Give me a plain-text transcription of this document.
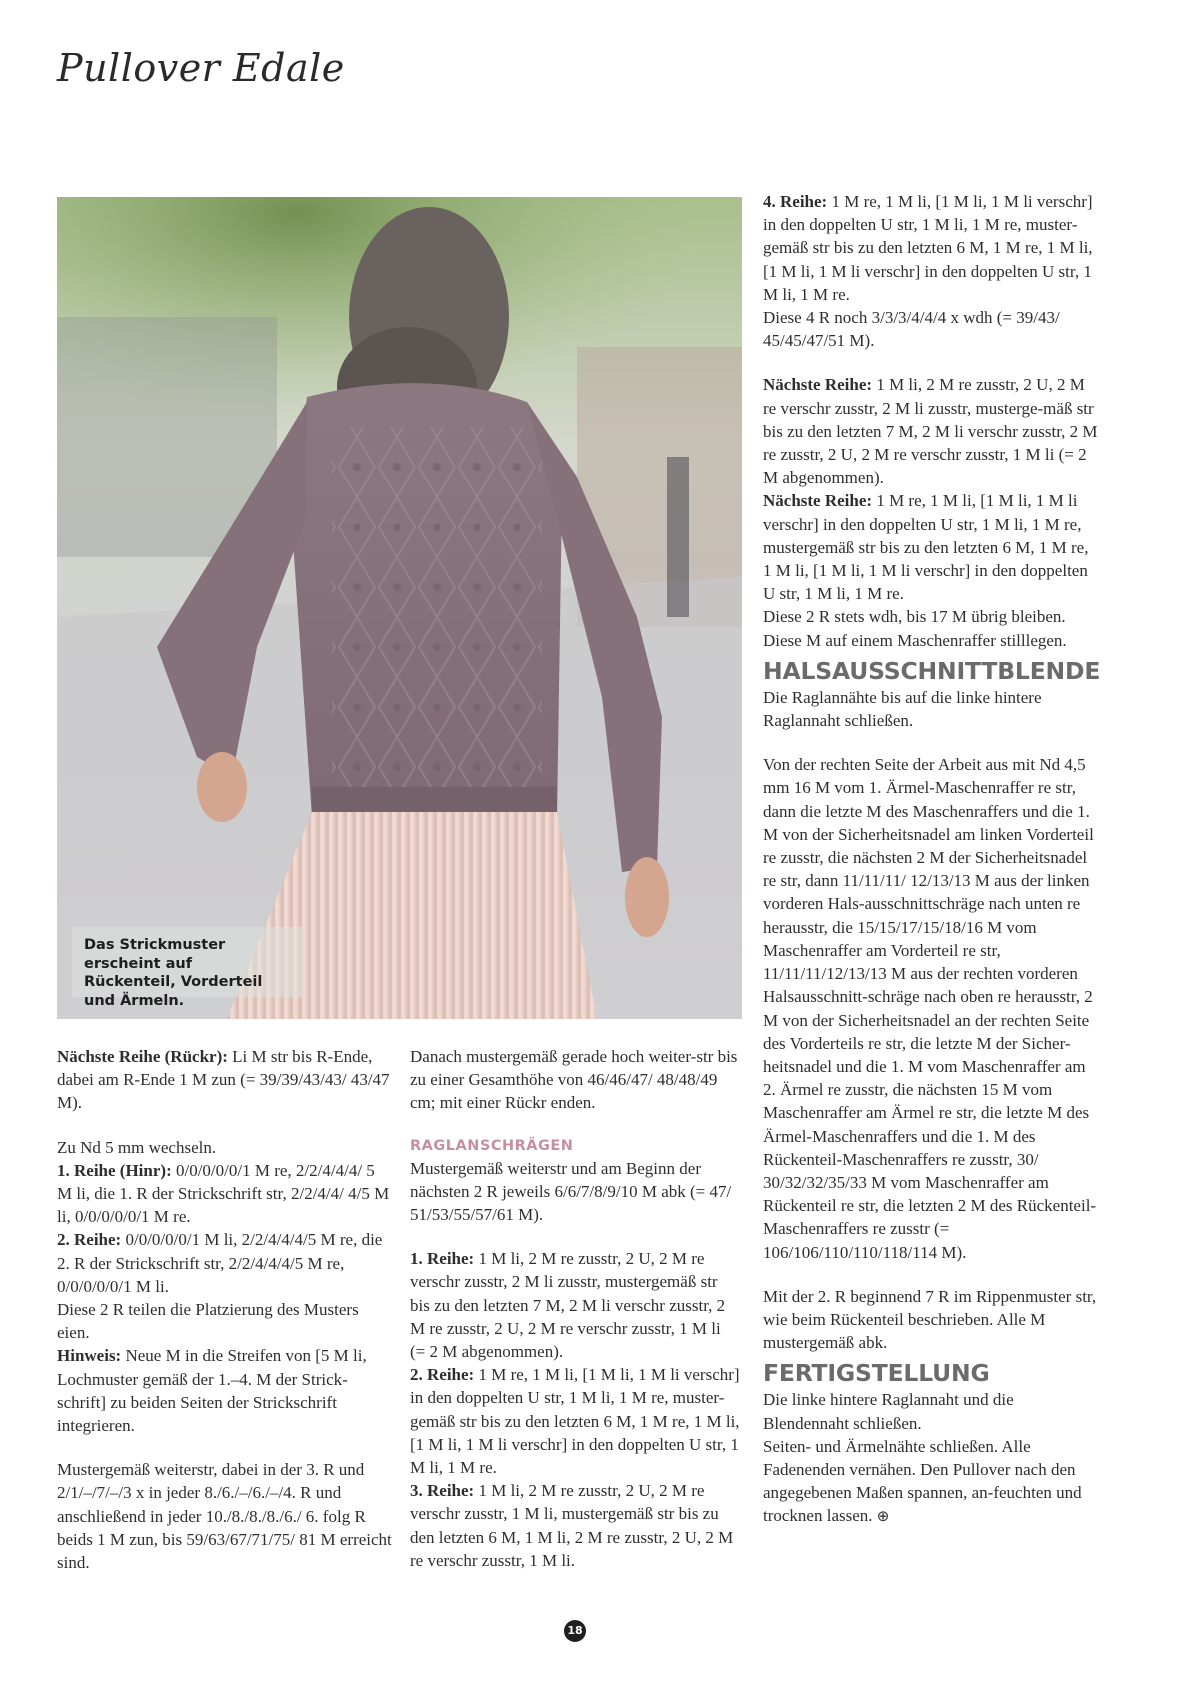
Pullover Edale
Das Strickmuster erscheint auf Rückenteil, Vorderteil und Ärmeln.

Nächste Reihe (Rückr): Li M str bis R-Ende, dabei am R-Ende 1 M zun (= 39/39/43/43/ 43/47 M).

Zu Nd 5 mm wechseln.

1. Reihe (Hinr): 0/0/0/0/0/1 M re, 2/2/4/4/4/ 5 M li, die 1. R der Strickschrift str, 2/2/4/4/ 4/5 M li, 0/0/0/0/0/1 M re.

2. Reihe: 0/0/0/0/0/1 M li, 2/2/4/4/4/5 M re, die 2. R der Strickschrift str, 2/2/4/4/4/5 M re, 0/0/0/0/0/1 M li.

Diese 2 R teilen die Platzierung des Musters eien.

Hinweis: Neue M in die Streifen von [5 M li, Lochmuster gemäß der 1.–4. M der Strick-schrift] zu beiden Seiten der Strickschrift integrieren.

Mustergemäß weiterstr, dabei in der 3. R und 2/1/–/7/–/3 x in jeder 8./6./–/6./–/4. R und anschließend in jeder 10./8./8./8./6./ 6. folg R beids 1 M zun, bis 59/63/67/71/75/ 81 M erreicht sind.

Danach mustergemäß gerade hoch weiter-str bis zu einer Gesamthöhe von 46/46/47/ 48/48/49 cm; mit einer Rückr enden.

RAGLANSCHRÄGEN

Mustergemäß weiterstr und am Beginn der nächsten 2 R jeweils 6/6/7/8/9/10 M abk (= 47/ 51/53/55/57/61 M).

1. Reihe: 1 M li, 2 M re zusstr, 2 U, 2 M re verschr zusstr, 2 M li zusstr, mustergemäß str bis zu den letzten 7 M, 2 M li verschr zusstr, 2 M re zusstr, 2 U, 2 M re verschr zusstr, 1 M li (= 2 M abgenommen).

2. Reihe: 1 M re, 1 M li, [1 M li, 1 M li verschr] in den doppelten U str, 1 M li, 1 M re, muster-gemäß str bis zu den letzten 6 M, 1 M re, 1 M li, [1 M li, 1 M li verschr] in den doppelten U str, 1 M li, 1 M re.

3. Reihe: 1 M li, 2 M re zusstr, 2 U, 2 M re verschr zusstr, 1 M li, mustergemäß str bis zu den letzten 6 M, 1 M li, 2 M re zusstr, 2 U, 2 M re verschr zusstr, 1 M li.

4. Reihe: 1 M re, 1 M li, [1 M li, 1 M li verschr] in den doppelten U str, 1 M li, 1 M re, muster-gemäß str bis zu den letzten 6 M, 1 M re, 1 M li, [1 M li, 1 M li verschr] in den doppelten U str, 1 M li, 1 M re.

Diese 4 R noch 3/3/3/4/4/4 x wdh (= 39/43/ 45/45/47/51 M).

Nächste Reihe: 1 M li, 2 M re zusstr, 2 U, 2 M re verschr zusstr, 2 M li zusstr, musterge-mäß str bis zu den letzten 7 M, 2 M li verschr zusstr, 2 M re zusstr, 2 U, 2 M re verschr zusstr, 1 M li (= 2 M abgenommen).

Nächste Reihe: 1 M re, 1 M li, [1 M li, 1 M li verschr] in den doppelten U str, 1 M li, 1 M re, mustergemäß str bis zu den letzten 6 M, 1 M re, 1 M li, [1 M li, 1 M li verschr] in den doppelten U str, 1 M li, 1 M re.

Diese 2 R stets wdh, bis 17 M übrig bleiben. Diese M auf einem Maschenraffer stilllegen.

HALSAUSSCHNITTBLENDE

Die Raglannähte bis auf die linke hintere Raglannaht schließen.

Von der rechten Seite der Arbeit aus mit Nd 4,5 mm 16 M vom 1. Ärmel-Maschenraffer re str, dann die letzte M des Maschenraffers und die 1. M von der Sicherheitsnadel am linken Vorderteil re zusstr, die nächsten 2 M der Sicherheitsnadel re str, dann 11/11/11/ 12/13/13 M aus der linken vorderen Hals-ausschnittschräge nach unten re herausstr, die 15/15/17/15/18/16 M vom Maschenraffer am Vorderteil re str, 11/11/11/12/13/13 M aus der rechten vorderen Halsausschnitt-schräge nach oben re herausstr, 2 M von der Sicherheitsnadel an der rechten Seite des Vorderteils re str, die letzte M der Sicher-heitsnadel und die 1. M vom Maschenraffer am 2. Ärmel re zusstr, die nächsten 15 M vom Maschenraffer am Ärmel re str, die letzte M des Ärmel-Maschenraffers und die 1. M des Rückenteil-Maschenraffers re zusstr, 30/ 30/32/32/35/33 M vom Maschenraffer am Rückenteil re str, die letzten 2 M des Rückenteil-Maschenraffers re zusstr (= 106/106/110/110/118/114 M).

Mit der 2. R beginnend 7 R im Rippenmuster str, wie beim Rückenteil beschrieben. Alle M mustergemäß abk.

FERTIGSTELLUNG

Die linke hintere Raglannaht und die Blendennaht schließen.

Seiten- und Ärmelnähte schließen. Alle Fadenenden vernähen. Den Pullover nach den angegebenen Maßen spannen, an-feuchten und trocknen lassen. ⊕

18
